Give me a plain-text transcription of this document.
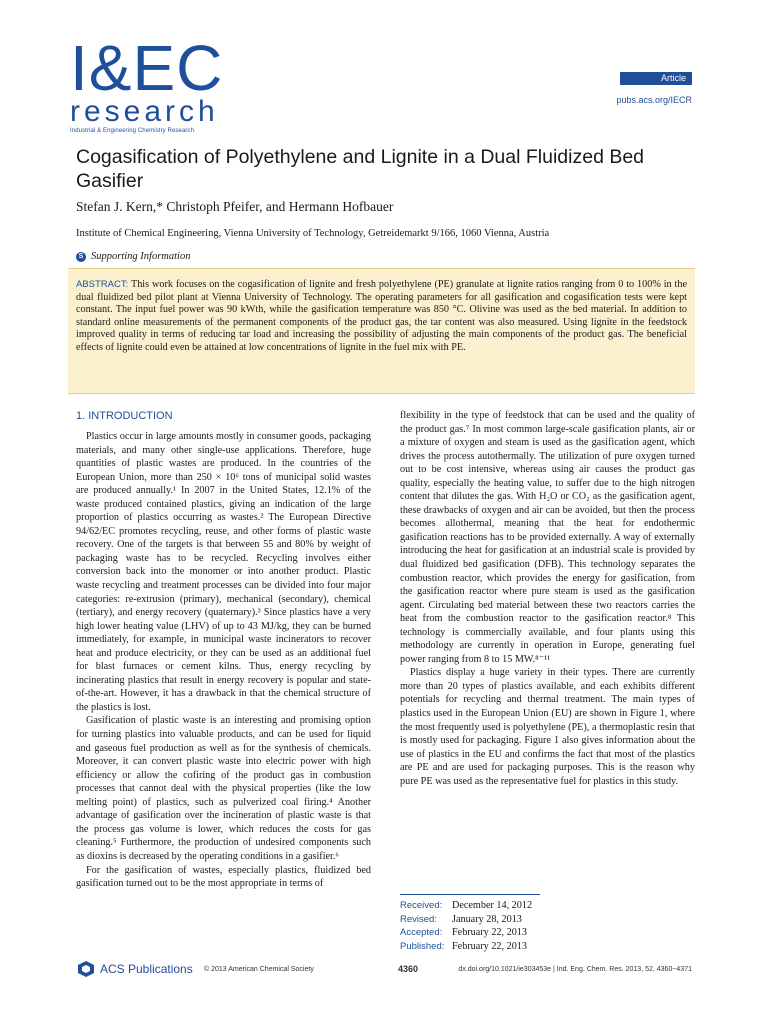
I&EC
research
Industrial & Engineering Chemistry Research
Article
pubs.acs.org/IECR
Cogasification of Polyethylene and Lignite in a Dual Fluidized Bed Gasifier
Stefan J. Kern,* Christoph Pfeifer, and Hermann Hofbauer
Institute of Chemical Engineering, Vienna University of Technology, Getreidemarkt 9/166, 1060 Vienna, Austria
S Supporting Information
ABSTRACT: This work focuses on the cogasification of lignite and fresh polyethylene (PE) granulate at lignite ratios ranging from 0 to 100% in the dual fluidized bed pilot plant at Vienna University of Technology. The operating parameters for all gasification and cogasification tests were kept constant. The input fuel power was 90 kWth, while the gasification temperature was 850 °C. Olivine was used as the bed material. In addition to standard online measurements of the permanent components of the product gas, the tar content was also measured. Using lignite in the feedstock improved quality in terms of reducing tar load and increasing the possibility of adjusting the main components of the product gas. The beneficial effects of lignite could even be attained at low concentrations of lignite in the fuel mix with PE.
1. INTRODUCTION

Plastics occur in large amounts mostly in consumer goods, packaging materials, and many other single-use applications. Therefore, huge quantities of plastic wastes are produced. In the countries of the European Union, more than 250 × 10⁶ tons of municipal solid wastes are produced annually.¹ In 2007 in the United States, 12.1% of the waste produced contained plastics, giving an indication of the large proportion of plastics occurring as wastes.² The European Directive 94/62/EC promotes recycling, reuse, and other forms of plastic waste recovery. One of the targets is that between 55 and 80% by weight of packaging waste has to be recycled. Recycling involves either conversion back into the monomer or into another product. Plastic waste recycling and treatment processes can be divided into four major categories: re-extrusion (primary), mechanical (secondary), chemical (tertiary), and energy recovery (quaternary).³ Since plastics have a very high lower heating value (LHV) of up to 43 MJ/kg, they can be burned immediately, for example, in municipal waste incinerators to recover heat and produce electricity, or they can be used as an additional fuel for blast furnaces or cement kilns. Thus, energy recycling by incinerating plastics that result in energy recovery is popular and state-of-the-art. However, it has a drawback in that the chemical structure of the plastics is lost.

Gasification of plastic waste is an interesting and promising option for turning plastics into valuable products, and can be used for liquid and gaseous fuel production as well as for the synthesis of chemicals. Moreover, it can convert plastic waste into electric power with high efficiency or allow the cofiring of the product gas in combustion processes that cannot deal with the physical properties (like the low melting point) of plastics, such as pulverized coal firing.⁴ Another advantage of gasification over the incineration of plastic waste is that the process gas volume is lower, which reduces the costs for gas cleaning.⁵ Furthermore, the production of undesired components such as dioxins is decreased by the operating conditions in a gasifier.⁶

For the gasification of wastes, especially plastics, fluidized bed gasification turned out to be the most appropriate in terms of

flexibility in the type of feedstock that can be used and the quality of the product gas.⁷ In most common large-scale gasification plants, air or a mixture of oxygen and steam is used as the gasification agent, which drives the process autothermally. The utilization of pure oxygen turned out to be cost intensive, whereas using air causes the product gas quality, especially the heating value, to suffer due to the high nitrogen content that dilutes the gas. With H₂O or CO₂ as the gasification agent, these drawbacks of oxygen and air can be avoided, but then the process becomes allothermal, meaning that the heat for endothermic gasification reactions has to be provided externally. A way of externally introducing the heat for gasification at an industrial scale is provided by dual fluidized bed gasification (DFB). This technology separates the combustion reactor, which provides the energy for gasification, from the gasification reactor where pure steam is used as the gasification agent. Circulating bed material between these two reactors carries the heat from the combustion reactor to the gasification reactor.⁸ This technology is commercially available, and four plants using this methodology are currently in operation in Europe, generating fuel power ranging from 8 to 15 MW.⁸⁻¹¹

Plastics display a huge variety in their types. There are currently more than 20 types of plastics available, and each exhibits different potentials for recycling and thermal treatment. The main types of plastics used in the European Union (EU) are shown in Figure 1, where the most frequently used is polyethylene (PE), a thermoplastic resin that is mostly used for packaging. Figure 1 also gives information about the use of plastics in the EU and confirms the fact that most of the plastics are PE and are used for packaging purposes. This is the reason why pure PE was used as the representative fuel for plastics in this study.

Received: December 14, 2012
Revised:	January 28, 2013
Accepted: February 22, 2013
Published: February 22, 2013
ACS Publications © 2013 American Chemical Society	4360	dx.doi.org/10.1021/ie303453e | Ind. Eng. Chem. Res. 2013, 52, 4360−4371
